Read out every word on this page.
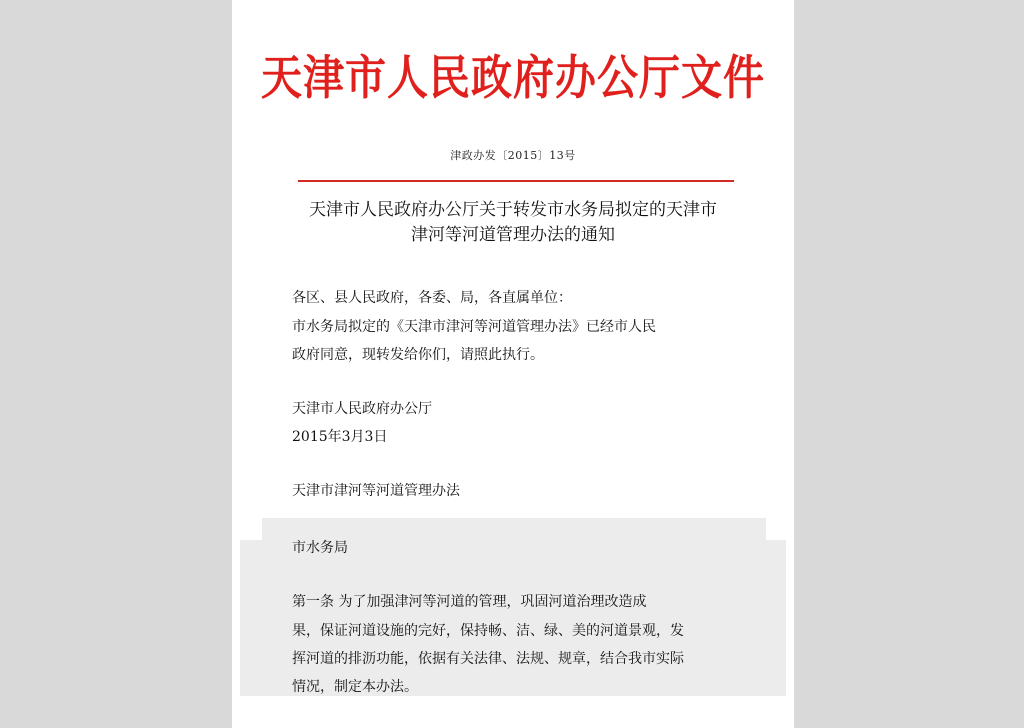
天津市人民政府办公厅文件
津政办发〔2015〕13号
天津市人民政府办公厅关于转发市水务局拟定的天津市
津河等河道管理办法的通知
各区、县人民政府，各委、局，各直属单位：
市水务局拟定的《天津市津河等河道管理办法》已经市人民
政府同意，现转发给你们，请照此执行。
天津市人民政府办公厅
2015年3月3日
天津市津河等河道管理办法
市水务局
第一条 为了加强津河等河道的管理，巩固河道治理改造成
果，保证河道设施的完好，保持畅、洁、绿、美的河道景观，发
挥河道的排沥功能，依据有关法律、法规、规章，结合我市实际
情况，制定本办法。
